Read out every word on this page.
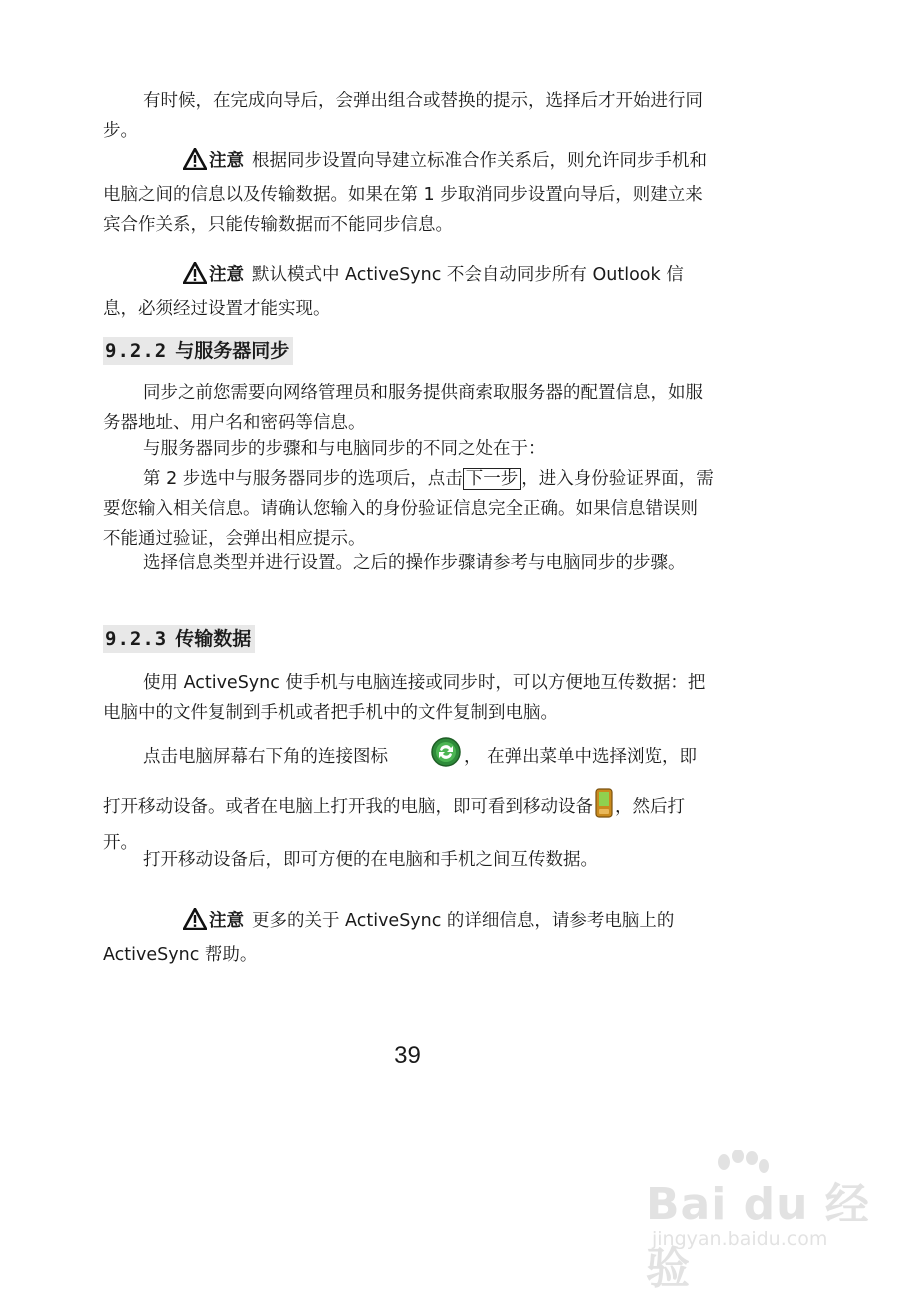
有时候，在完成向导后，会弹出组合或替换的提示，选择后才开始进行同步。

注意 根据同步设置向导建立标准合作关系后，则允许同步手机和电脑之间的信息以及传输数据。如果在第 1 步取消同步设置向导后，则建立来宾合作关系，只能传输数据而不能同步信息。

注意 默认模式中 ActiveSync 不会自动同步所有 Outlook 信息，必须经过设置才能实现。

9.2.2 与服务器同步

同步之前您需要向网络管理员和服务提供商索取服务器的配置信息，如服务器地址、用户名和密码等信息。

与服务器同步的步骤和与电脑同步的不同之处在于：

第 2 步选中与服务器同步的选项后，点击 下一步 ，进入身份验证界面，需要您输入相关信息。请确认您输入的身份验证信息完全正确。如果信息错误则不能通过验证，会弹出相应提示。

选择信息类型并进行设置。之后的操作步骤请参考与电脑同步的步骤。

9.2.3 传输数据

使用 ActiveSync 使手机与电脑连接或同步时，可以方便地互传数据：把电脑中的文件复制到手机或者把手机中的文件复制到电脑。

点击电脑屏幕右下角的连接图标	， 在弹出菜单中选择浏览，即

打开移动设备。或者在电脑上打开我的电脑，即可看到移动设备 ，然后打开。

打开移动设备后，即可方便的在电脑和手机之间互传数据。

注意 更多的关于 ActiveSync 的详细信息，请参考电脑上的 ActiveSync 帮助。

39
Bai du 经验
jingyan.baidu.com
